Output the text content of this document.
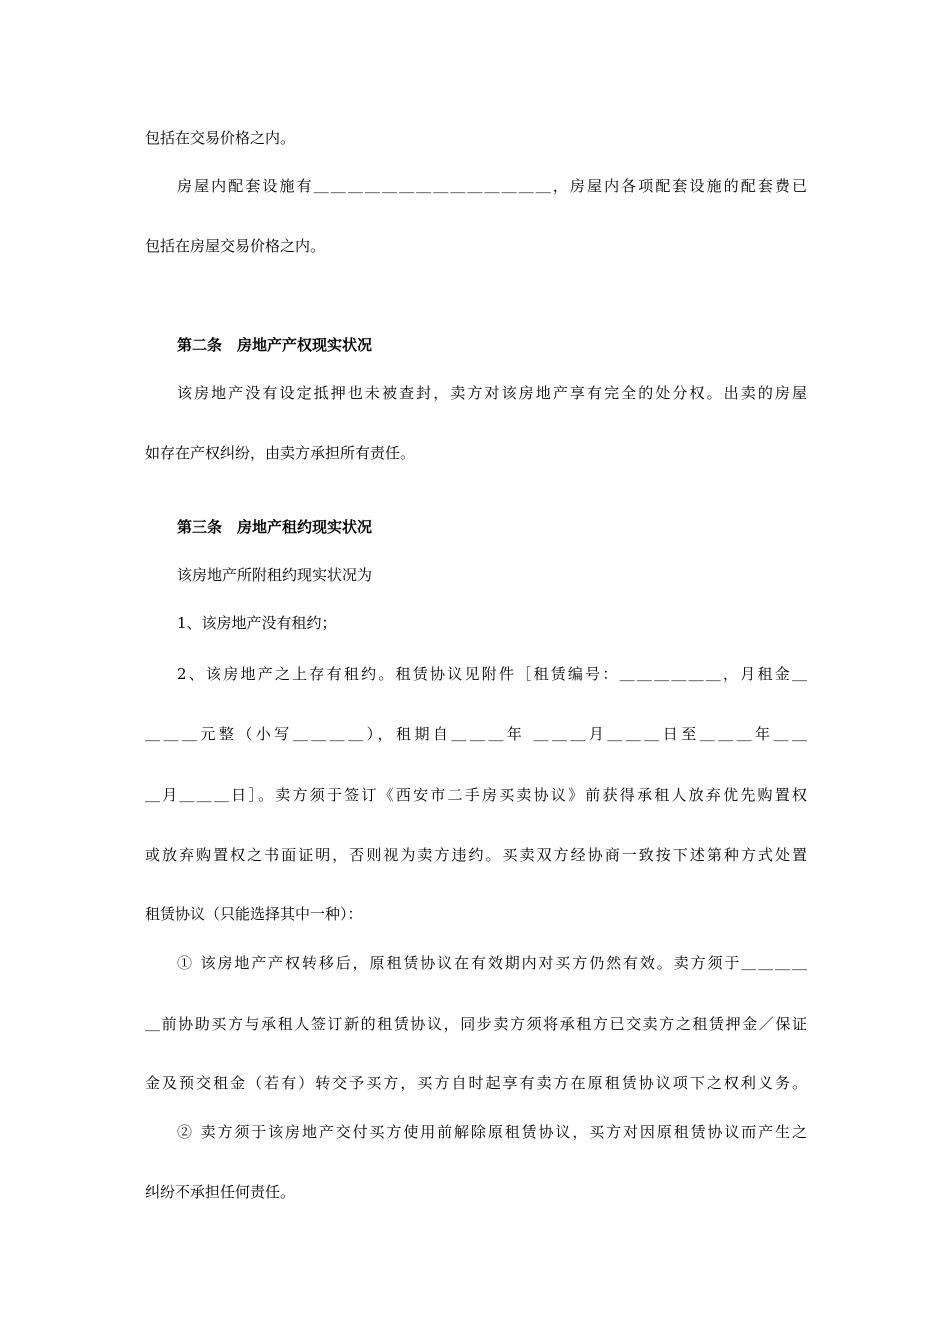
包括在交易价格之内。
房屋内配套设施有＿＿＿＿＿＿＿＿＿＿＿＿＿＿，房屋内各项配套设施的配套费已
包括在房屋交易价格之内。
第二条　房地产产权现实状况
该房地产没有设定抵押也未被查封，卖方对该房地产享有完全的处分权。出卖的房屋
如存在产权纠纷，由卖方承担所有责任。
第三条　房地产租约现实状况
该房地产所附租约现实状况为
1、该房地产没有租约；
2、该房地产之上存有租约。租赁协议见附件［租赁编号：＿＿＿＿＿＿，月租金＿
＿＿＿元整（小写＿＿＿＿），租期自＿＿＿年 ＿＿＿月＿＿＿日至＿＿＿年＿＿
＿月＿＿＿日］。卖方须于签订《西安市二手房买卖协议》前获得承租人放弃优先购置权
或放弃购置权之书面证明，否则视为卖方违约。买卖双方经协商一致按下述第种方式处置
租赁协议（只能选择其中一种）：
① 该房地产产权转移后，原租赁协议在有效期内对买方仍然有效。卖方须于＿＿＿＿
＿前协助买方与承租人签订新的租赁协议，同步卖方须将承租方已交卖方之租赁押金／保证
金及预交租金（若有）转交予买方，买方自时起享有卖方在原租赁协议项下之权利义务。
② 卖方须于该房地产交付买方使用前解除原租赁协议，买方对因原租赁协议而产生之
纠纷不承担任何责任。
